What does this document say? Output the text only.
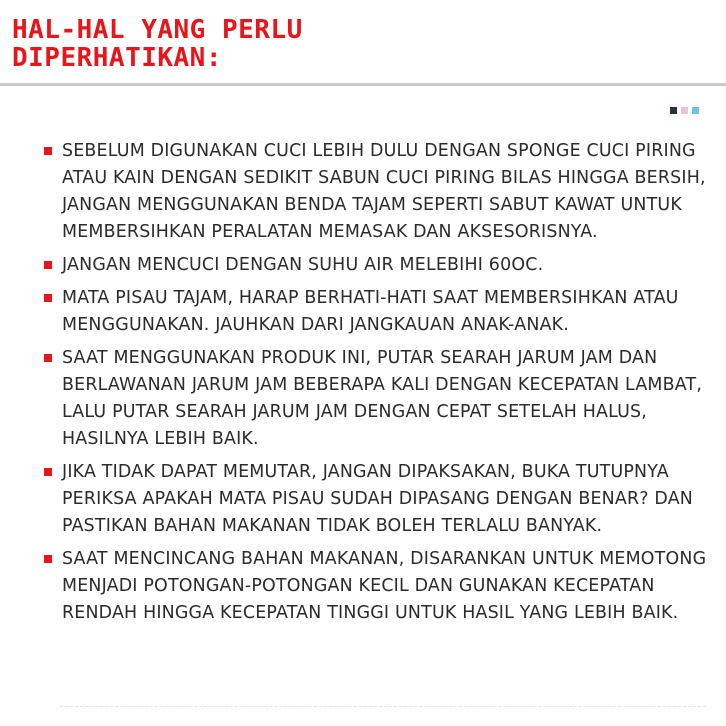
HAL-HAL YANG PERLU
DIPERHATIKAN:
SEBELUM DIGUNAKAN CUCI LEBIH DULU DENGAN SPONGE CUCI PIRING ATAU KAIN DENGAN SEDIKIT SABUN CUCI PIRING BILAS HINGGA BERSIH, JANGAN MENGGUNAKAN BENDA TAJAM SEPERTI SABUT KAWAT UNTUK MEMBERSIHKAN PERALATAN MEMASAK DAN AKSESORISNYA.
JANGAN MENCUCI DENGAN SUHU AIR MELEBIHI 60OC.
MATA PISAU TAJAM, HARAP BERHATI-HATI SAAT MEMBERSIHKAN ATAU MENGGUNAKAN. JAUHKAN DARI JANGKAUAN ANAK-ANAK.
SAAT MENGGUNAKAN PRODUK INI, PUTAR SEARAH JARUM JAM DAN BERLAWANAN JARUM JAM BEBERAPA KALI DENGAN KECEPATAN LAMBAT, LALU PUTAR SEARAH JARUM JAM DENGAN CEPAT SETELAH HALUS, HASILNYA LEBIH BAIK.
JIKA TIDAK DAPAT MEMUTAR, JANGAN DIPAKSAKAN, BUKA TUTUPNYA PERIKSA APAKAH MATA PISAU SUDAH DIPASANG DENGAN BENAR? DAN PASTIKAN BAHAN MAKANAN TIDAK BOLEH TERLALU BANYAK.
SAAT MENCINCANG BAHAN MAKANAN, DISARANKAN UNTUK MEMOTONG MENJADI POTONGAN-POTONGAN KECIL DAN GUNAKAN KECEPATAN RENDAH HINGGA KECEPATAN TINGGI UNTUK HASIL YANG LEBIH BAIK.
